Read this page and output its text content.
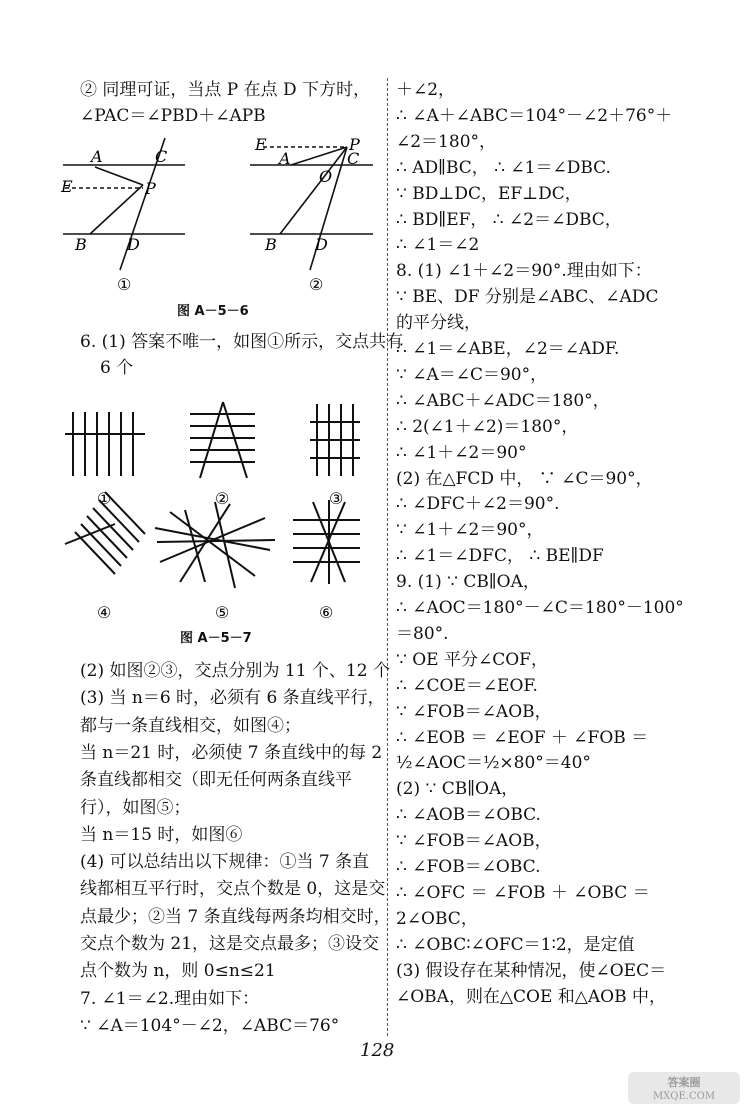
② 同理可证，当点 P 在点 D 下方时，
∠PAC＝∠PBD＋∠APB
A	C
E	P
B	D
①
E
A
P
C
O
B D
②
图 A－5－6
6. (1) 答案不唯一，如图①所示，交点共有
6 个
①	②	③
④	⑤	⑥
图 A－5－7
(2) 如图②③，交点分别为 11 个、12 个
(3) 当 n＝6 时，必须有 6 条直线平行，
都与一条直线相交，如图④；
当 n＝21 时，必须使 7 条直线中的每 2
条直线都相交（即无任何两条直线平
行），如图⑤；
当 n＝15 时，如图⑥
(4) 可以总结出以下规律：①当 7 条直
线都相互平行时，交点个数是 0，这是交
点最少；②当 7 条直线每两条均相交时，
交点个数为 21，这是交点最多；③设交
点个数为 n，则 0≤n≤21
7. ∠1＝∠2.理由如下：
∵ ∠A＝104°－∠2，∠ABC＝76°
＋∠2，
∴ ∠A＋∠ABC＝104°－∠2＋76°＋
∠2＝180°，
∴ AD∥BC， ∴ ∠1＝∠DBC.
∵ BD⊥DC，EF⊥DC，
∴ BD∥EF， ∴ ∠2＝∠DBC，
∴ ∠1＝∠2
8. (1) ∠1＋∠2＝90°.理由如下：
∵ BE、DF 分别是∠ABC、∠ADC
的平分线，
∴ ∠1＝∠ABE，∠2＝∠ADF.
∵ ∠A＝∠C＝90°，
∴ ∠ABC＋∠ADC＝180°，
∴ 2(∠1＋∠2)＝180°，
∴ ∠1＋∠2＝90°
(2) 在△FCD 中， ∵ ∠C＝90°，
∴ ∠DFC＋∠2＝90°.
∵ ∠1＋∠2＝90°，
∴ ∠1＝∠DFC， ∴ BE∥DF
9. (1) ∵ CB∥OA，
∴ ∠AOC＝180°－∠C＝180°－100°
＝80°.
∵ OE 平分∠COF，
∴ ∠COE＝∠EOF.
∵ ∠FOB＝∠AOB，
∴ ∠EOB ＝ ∠EOF ＋ ∠FOB ＝
½∠AOC＝½×80°＝40°
(2) ∵ CB∥OA，
∴ ∠AOB＝∠OBC.
∵ ∠FOB＝∠AOB，
∴ ∠FOB＝∠OBC.
∴ ∠OFC ＝ ∠FOB ＋ ∠OBC ＝
2∠OBC，
∴ ∠OBC∶∠OFC＝1∶2，是定值
(3) 假设存在某种情况，使∠OEC＝
∠OBA，则在△COE 和△AOB 中，
128
答案圈
MXQE.COM
